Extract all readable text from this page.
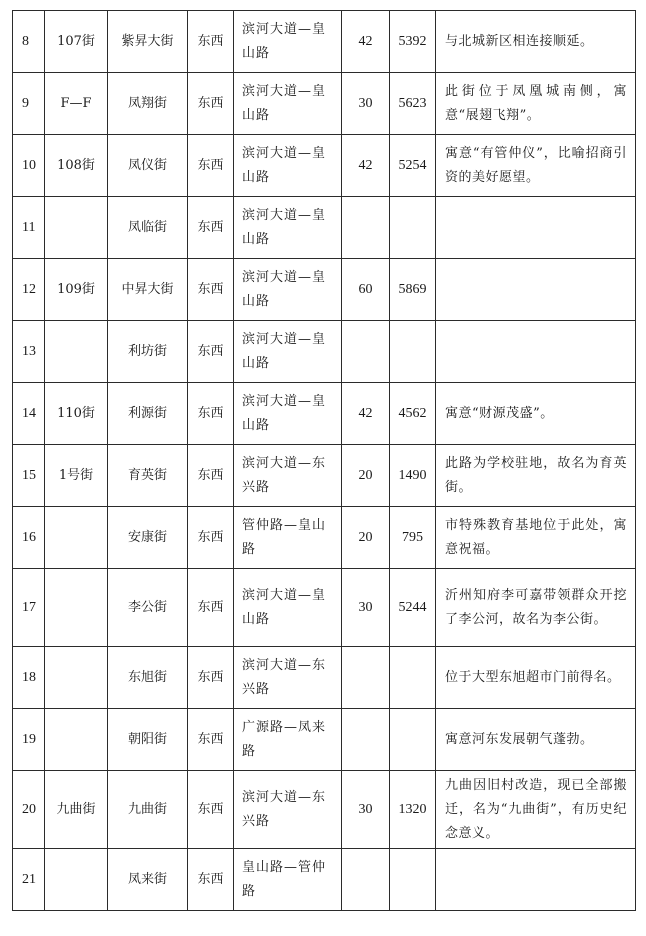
8	107街	紫昇大街	东西	滨河大道—皇山路	42	5392	与北城新区相连接顺延。
9	F—F	凤翔街	东西	滨河大道—皇山路	30	5623	此街位于凤凰城南侧，寓意“展翅飞翔”。
10	108街	凤仪街	东西	滨河大道—皇山路	42	5254	寓意“有管仲仪”，比喻招商引资的美好愿望。
11		凤临街	东西	滨河大道—皇山路			
12	109街	中昇大街	东西	滨河大道—皇山路	60	5869	
13		利坊街	东西	滨河大道—皇山路			
14	110街	利源街	东西	滨河大道—皇山路	42	4562	寓意“财源茂盛”。
15	1号街	育英街	东西	滨河大道—东兴路	20	1490	此路为学校驻地，故名为育英街。
16		安康街	东西	管仲路—皇山路	20	795	市特殊教育基地位于此处，寓意祝福。
17		李公街	东西	滨河大道—皇山路	30	5244	沂州知府李可嘉带领群众开挖了李公河，故名为李公街。
18		东旭街	东西	滨河大道—东兴路			位于大型东旭超市门前得名。
19		朝阳街	东西	广源路—凤来路			寓意河东发展朝气蓬勃。
20	九曲街	九曲街	东西	滨河大道—东兴路	30	1320	九曲因旧村改造，现已全部搬迁，名为“九曲街”，有历史纪念意义。
21		凤来街	东西	皇山路—管仲路			
